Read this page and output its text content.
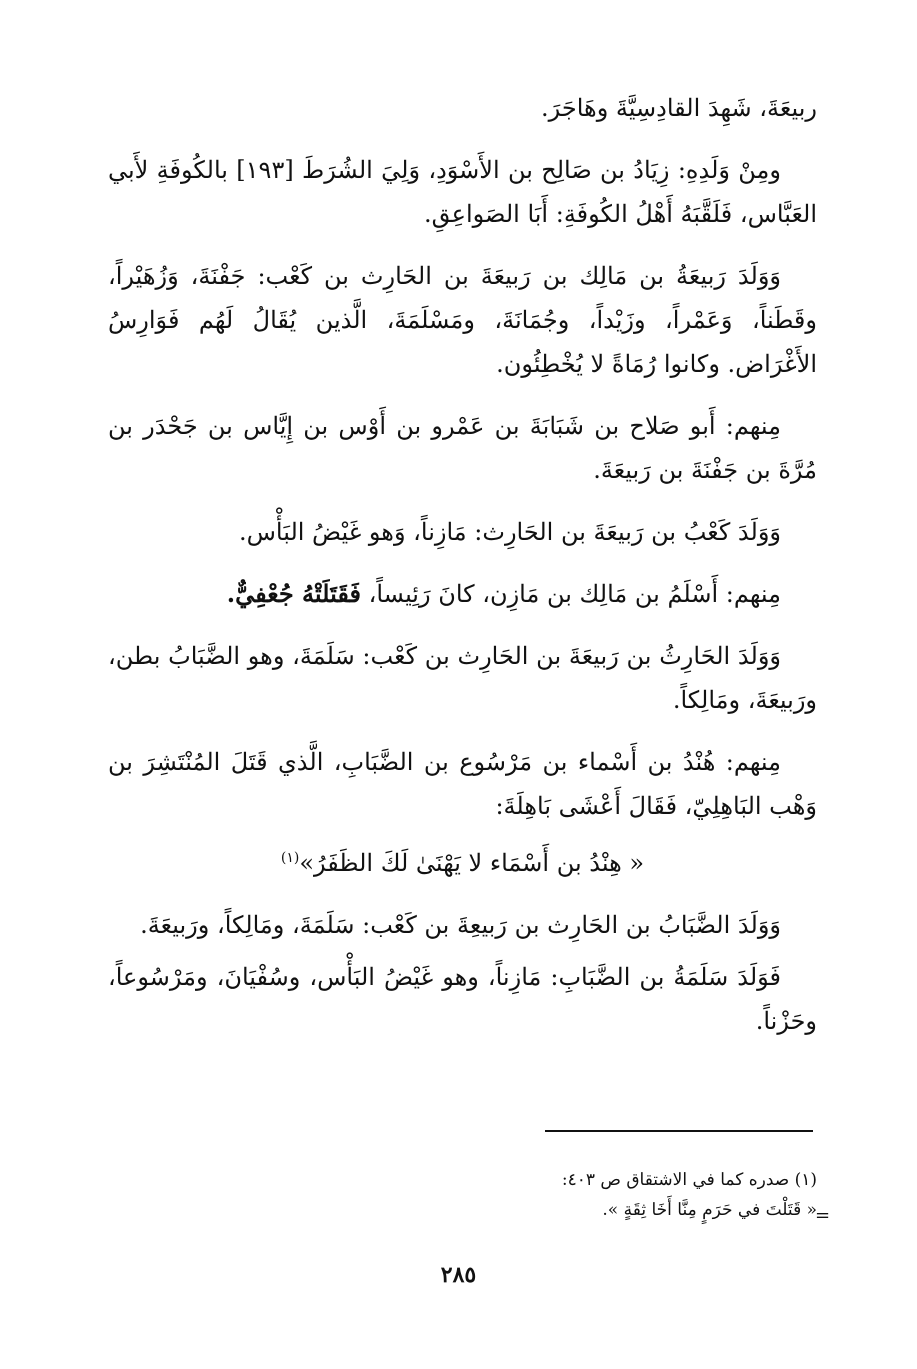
ربيعَةَ، شَهِدَ القادِسِيَّةَ وهَاجَرَ.

ومِنْ وَلَدِهِ: زِيَادُ بن صَالِح بن الأَسْوَدِ، وَلِيَ الشُرَطَ [١٩٣] بالكُوفَةِ لأَبي العَبَّاس، فَلَقَّبَهُ أَهْلُ الكُوفَةِ: أَبَا الصَواعِقِ.

وَوَلَدَ رَبيعَةُ بن مَالِك بن رَبيعَةَ بن الحَارِث بن كَعْب: جَفْنَةَ، وَزُهَيْراً، وقَطَناً، وَعَمْراً، وزَيْداً، وجُمَانَةَ، ومَسْلَمَةَ، الَّذين يُقَالُ لَهُم فَوَارِسُ الأَغْرَاض. وكانوا رُمَاةً لا يُخْطِئُون.

مِنهم: أَبو صَلاح بن شَبَابَةَ بن عَمْرو بن أَوْس بن إِيَّاس بن جَحْدَر بن مُرَّةَ بن جَفْنَةَ بن رَبيعَةَ.

وَوَلَدَ كَعْبُ بن رَبيعَةَ بن الحَارِث: مَازِناً، وَهو غَيْضُ البَأْس.

مِنهم: أَسْلَمُ بن مَالِك بن مَازِن، كانَ رَئِيساً، فَقَتَلَتْهُ جُعْفِيٌّ.

وَوَلَدَ الحَارِثُ بن رَبيعَةَ بن الحَارِث بن كَعْب: سَلَمَةَ، وهو الضَّبَابُ بطن، ورَبيعَةَ، ومَالِكاً.

مِنهم: هُنْدُ بن أَسْماء بن مَرْسُوع بن الضَّبَابِ، الَّذي قَتَلَ المُنْتَشِرَ بن وَهْب البَاهِلِيّ، فَقَالَ أَعْشَى بَاهِلَةَ:

« هِنْدُ بن أَسْمَاء لا يَهْنَىٰ لَكَ الظَفَرُ»$^{(١)}$

وَوَلَدَ الضَّبَابُ بن الحَارِث بن رَبيعِةَ بن كَعْب: سَلَمَةَ، ومَالِكاً، ورَبيعَةَ.

فَوَلَدَ سَلَمَةُ بن الضَّبَابِ: مَازِناً، وهو غَيْضُ البَأْس، وسُفْيَانَ، ومَرْسُوعاً، وحَزْناً.

(١) صدره كما في الاشتقاق ص ٤٠٣:
« قَتَلْتَ في حَرَمٍ مِنَّا أَخَا ثِقَةٍ ».
=
٢٨٥
